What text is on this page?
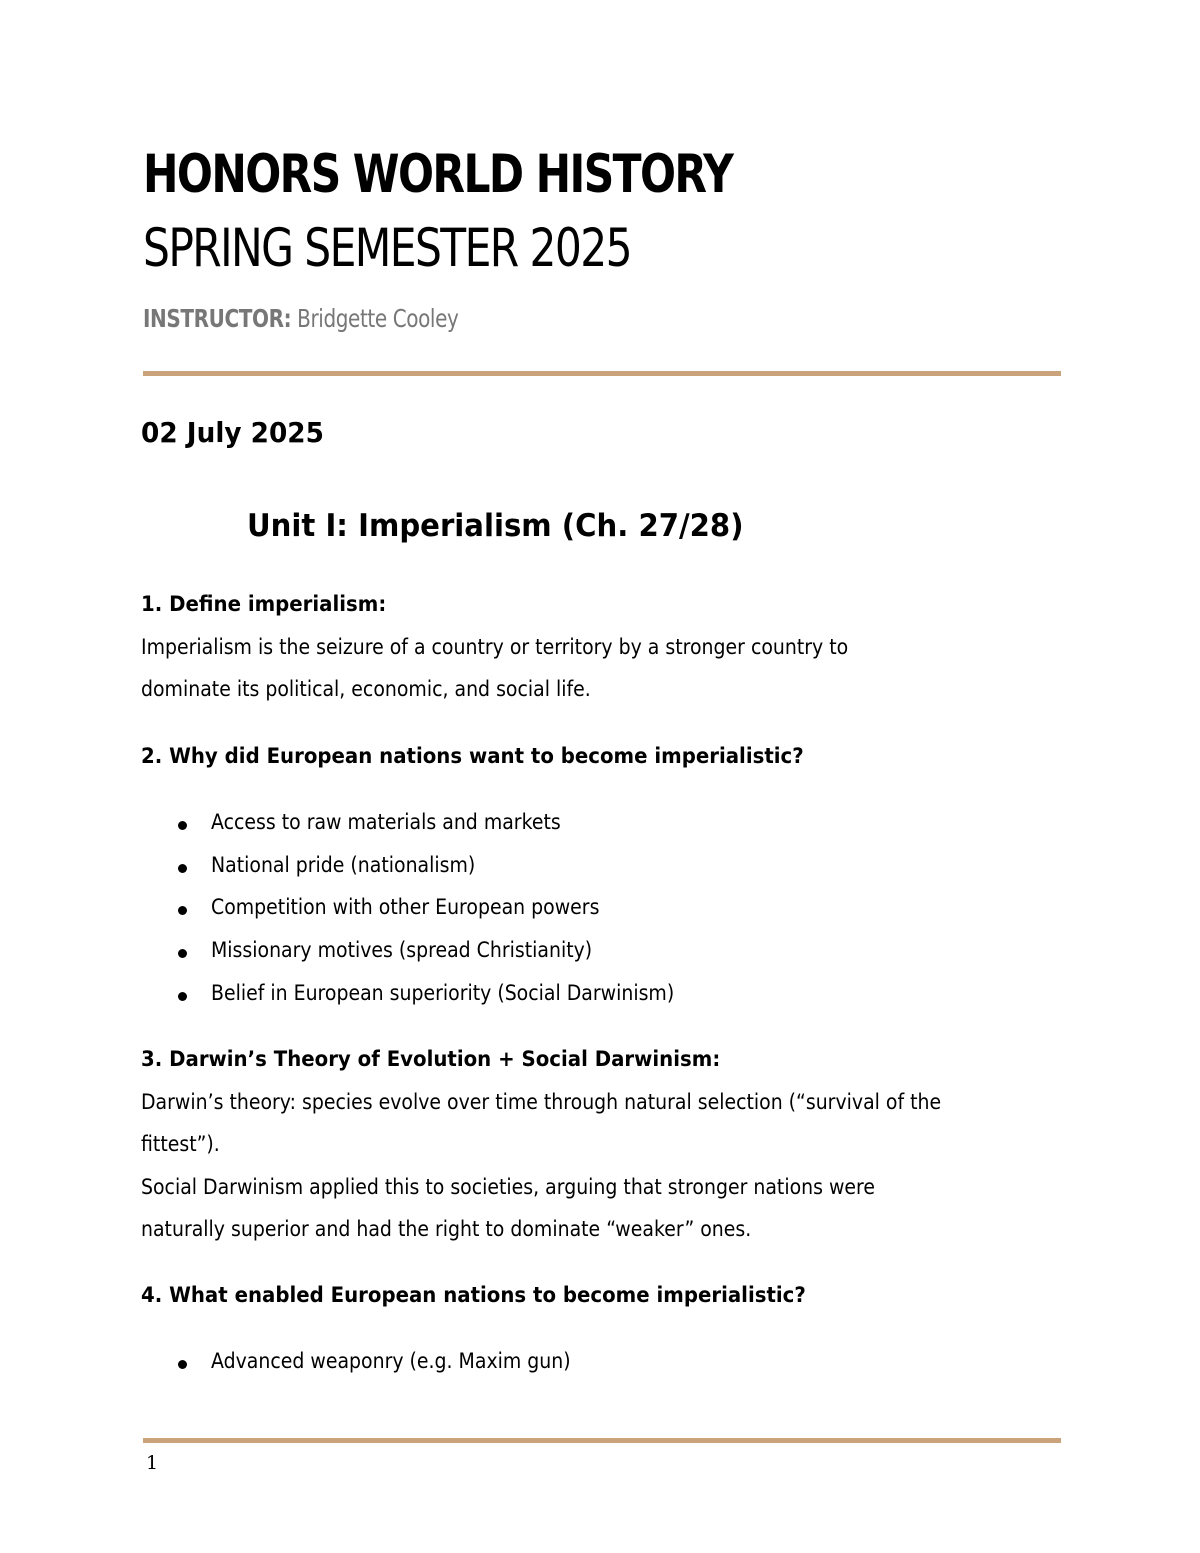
HONORS WORLD HISTORY
SPRING SEMESTER 2025
INSTRUCTOR: Bridgette Cooley
02 July 2025
Unit I: Imperialism (Ch. 27/28)
1. Define imperialism:
Imperialism is the seizure of a country or territory by a stronger country to
dominate its political, economic, and social life.
2. Why did European nations want to become imperialistic?
Access to raw materials and markets
National pride (nationalism)
Competition with other European powers
Missionary motives (spread Christianity)
Belief in European superiority (Social Darwinism)
3. Darwin’s Theory of Evolution + Social Darwinism:
Darwin’s theory: species evolve over time through natural selection (“survival of the
fittest”).
Social Darwinism applied this to societies, arguing that stronger nations were
naturally superior and had the right to dominate “weaker” ones.
4. What enabled European nations to become imperialistic?
Advanced weaponry (e.g. Maxim gun)
1
